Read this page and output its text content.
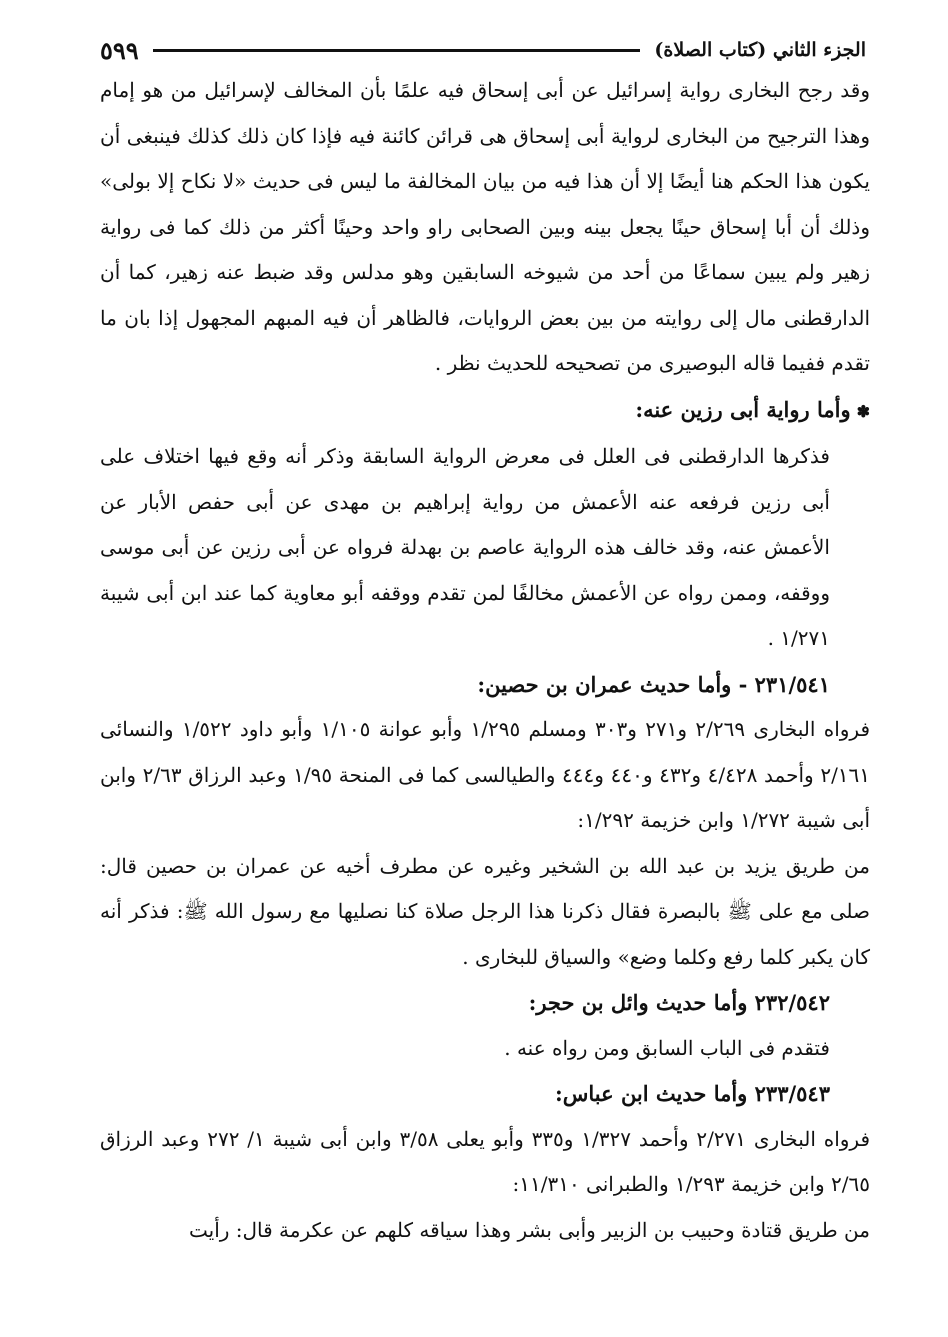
الجزء الثاني (كتاب الصلاة)
٥٩٩

وقد رجح البخارى رواية إسرائيل عن أبى إسحاق فيه علمًا بأن المخالف لإسرائيل من هو إمام وهذا الترجيح من البخارى لرواية أبى إسحاق هى قرائن كائنة فيه فإذا كان ذلك كذلك فينبغى أن يكون هذا الحكم هنا أيضًا إلا أن هذا فيه من بيان المخالفة ما ليس فى حديث «لا نكاح إلا بولى» وذلك أن أبا إسحاق حينًا يجعل بينه وبين الصحابى راو واحد وحينًا أكثر من ذلك كما فى رواية زهير ولم يبين سماعًا من أحد من شيوخه السابقين وهو مدلس وقد ضبط عنه زهير، كما أن الدارقطنى مال إلى روايته من بين بعض الروايات، فالظاهر أن فيه المبهم المجهول إذا بان ما تقدم ففيما قاله البوصيرى من تصحيحه للحديث نظر .

✽وأما رواية أبى رزين عنه:

فذكرها الدارقطنى فى العلل فى معرض الرواية السابقة وذكر أنه وقع فيها اختلاف على أبى رزين فرفعه عنه الأعمش من رواية إبراهيم بن مهدى عن أبى حفص الأبار عن الأعمش عنه، وقد خالف هذه الرواية عاصم بن بهدلة فرواه عن أبى رزين عن أبى موسى ووقفه، وممن رواه عن الأعمش مخالفًا لمن تقدم ووقفه أبو معاوية كما عند ابن أبى شيبة ١/٢٧١ .

٢٣١/٥٤١ - وأما حديث عمران بن حصين:

فرواه البخارى ٢/٢٦٩ و٢٧١ و٣٠٣ ومسلم ١/٢٩٥ وأبو عوانة ١/١٠٥ وأبو داود ١/٥٢٢ والنسائى ٢/١٦١ وأحمد ٤/٤٢٨ و٤٣٢ و٤٤٠ و٤٤٤ والطيالسى كما فى المنحة ١/٩٥ وعبد الرزاق ٢/٦٣ وابن أبى شيبة ١/٢٧٢ وابن خزيمة ١/٢٩٢:

من طريق يزيد بن عبد الله بن الشخير وغيره عن مطرف أخيه عن عمران بن حصين قال: صلى مع على ﷺ بالبصرة فقال ذكرنا هذا الرجل صلاة كنا نصليها مع رسول الله ﷺ: فذكر أنه كان يكبر كلما رفع وكلما وضع» والسياق للبخارى .

٢٣٢/٥٤٢ وأما حديث وائل بن حجر:

فتقدم فى الباب السابق ومن رواه عنه .

٢٣٣/٥٤٣ وأما حديث ابن عباس:

فرواه البخارى ٢/٢٧١ وأحمد ١/٣٢٧ و٣٣٥ وأبو يعلى ٣/٥٨ وابن أبى شيبة ١/ ٢٧٢ وعبد الرزاق ٢/٦٥ وابن خزيمة ١/٢٩٣ والطبرانى ١١/٣١٠:

من طريق قتادة وحبيب بن الزبير وأبى بشر وهذا سياقه كلهم عن عكرمة قال: رأيت
